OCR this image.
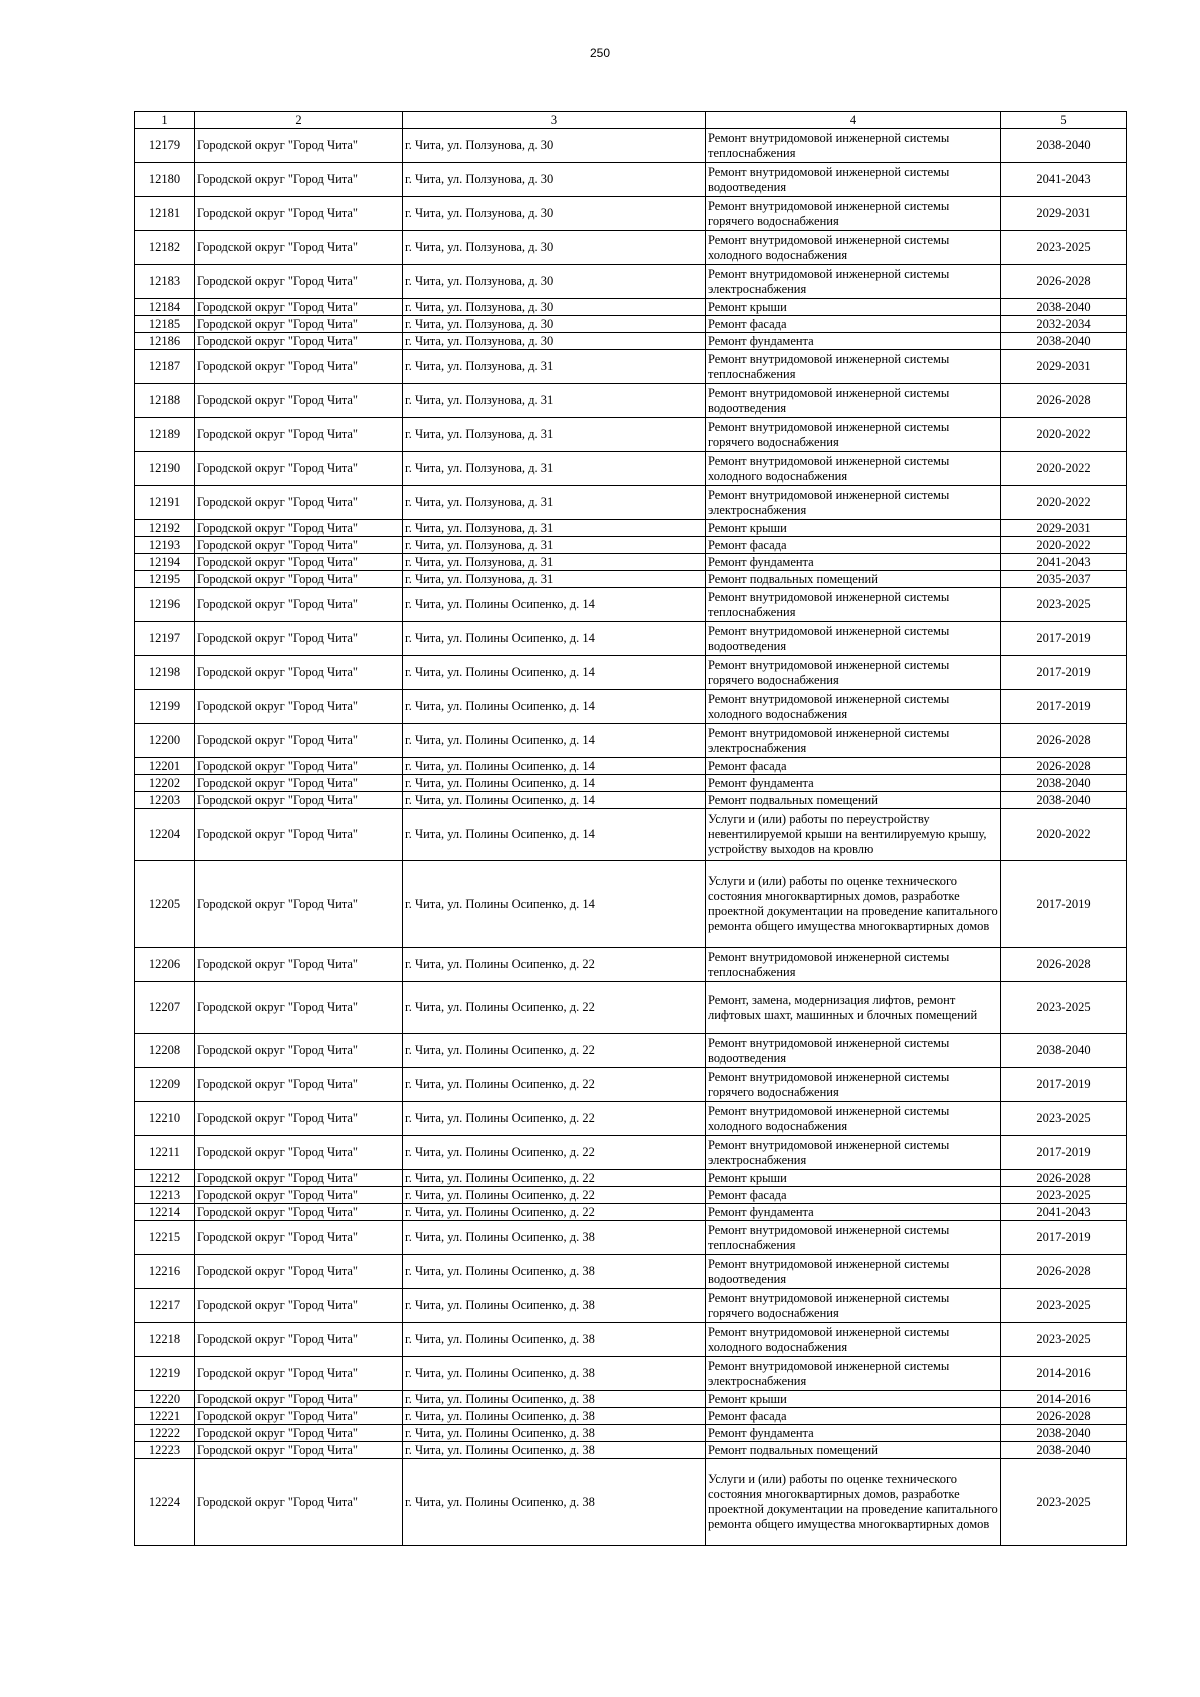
250
1	2	3	4	5
12179	Городской округ "Город Чита"	г. Чита, ул. Ползунова, д. 30	Ремонт внутридомовой инженерной системы теплоснабжения	2038-2040
12180	Городской округ "Город Чита"	г. Чита, ул. Ползунова, д. 30	Ремонт внутридомовой инженерной системы водоотведения	2041-2043
12181	Городской округ "Город Чита"	г. Чита, ул. Ползунова, д. 30	Ремонт внутридомовой инженерной системы горячего водоснабжения	2029-2031
12182	Городской округ "Город Чита"	г. Чита, ул. Ползунова, д. 30	Ремонт внутридомовой инженерной системы холодного водоснабжения	2023-2025
12183	Городской округ "Город Чита"	г. Чита, ул. Ползунова, д. 30	Ремонт внутридомовой инженерной системы электроснабжения	2026-2028
12184	Городской округ "Город Чита"	г. Чита, ул. Ползунова, д. 30	Ремонт крыши	2038-2040
12185	Городской округ "Город Чита"	г. Чита, ул. Ползунова, д. 30	Ремонт фасада	2032-2034
12186	Городской округ "Город Чита"	г. Чита, ул. Ползунова, д. 30	Ремонт фундамента	2038-2040
12187	Городской округ "Город Чита"	г. Чита, ул. Ползунова, д. 31	Ремонт внутридомовой инженерной системы теплоснабжения	2029-2031
12188	Городской округ "Город Чита"	г. Чита, ул. Ползунова, д. 31	Ремонт внутридомовой инженерной системы водоотведения	2026-2028
12189	Городской округ "Город Чита"	г. Чита, ул. Ползунова, д. 31	Ремонт внутридомовой инженерной системы горячего водоснабжения	2020-2022
12190	Городской округ "Город Чита"	г. Чита, ул. Ползунова, д. 31	Ремонт внутридомовой инженерной системы холодного водоснабжения	2020-2022
12191	Городской округ "Город Чита"	г. Чита, ул. Ползунова, д. 31	Ремонт внутридомовой инженерной системы электроснабжения	2020-2022
12192	Городской округ "Город Чита"	г. Чита, ул. Ползунова, д. 31	Ремонт крыши	2029-2031
12193	Городской округ "Город Чита"	г. Чита, ул. Ползунова, д. 31	Ремонт фасада	2020-2022
12194	Городской округ "Город Чита"	г. Чита, ул. Ползунова, д. 31	Ремонт фундамента	2041-2043
12195	Городской округ "Город Чита"	г. Чита, ул. Ползунова, д. 31	Ремонт подвальных помещений	2035-2037
12196	Городской округ "Город Чита"	г. Чита, ул. Полины Осипенко, д. 14	Ремонт внутридомовой инженерной системы теплоснабжения	2023-2025
12197	Городской округ "Город Чита"	г. Чита, ул. Полины Осипенко, д. 14	Ремонт внутридомовой инженерной системы водоотведения	2017-2019
12198	Городской округ "Город Чита"	г. Чита, ул. Полины Осипенко, д. 14	Ремонт внутридомовой инженерной системы горячего водоснабжения	2017-2019
12199	Городской округ "Город Чита"	г. Чита, ул. Полины Осипенко, д. 14	Ремонт внутридомовой инженерной системы холодного водоснабжения	2017-2019
12200	Городской округ "Город Чита"	г. Чита, ул. Полины Осипенко, д. 14	Ремонт внутридомовой инженерной системы электроснабжения	2026-2028
12201	Городской округ "Город Чита"	г. Чита, ул. Полины Осипенко, д. 14	Ремонт фасада	2026-2028
12202	Городской округ "Город Чита"	г. Чита, ул. Полины Осипенко, д. 14	Ремонт фундамента	2038-2040
12203	Городской округ "Город Чита"	г. Чита, ул. Полины Осипенко, д. 14	Ремонт подвальных помещений	2038-2040
12204	Городской округ "Город Чита"	г. Чита, ул. Полины Осипенко, д. 14	Услуги и (или) работы по переустройству невентилируемой крыши на вентилируемую крышу, устройству выходов на кровлю	2020-2022
12205	Городской округ "Город Чита"	г. Чита, ул. Полины Осипенко, д. 14	Услуги и (или) работы по оценке технического состояния многоквартирных домов, разработке проектной документации на проведение капитального ремонта общего имущества многоквартирных домов	2017-2019
12206	Городской округ "Город Чита"	г. Чита, ул. Полины Осипенко, д. 22	Ремонт внутридомовой инженерной системы теплоснабжения	2026-2028
12207	Городской округ "Город Чита"	г. Чита, ул. Полины Осипенко, д. 22	Ремонт, замена, модернизация лифтов, ремонт лифтовых шахт, машинных и блочных помещений	2023-2025
12208	Городской округ "Город Чита"	г. Чита, ул. Полины Осипенко, д. 22	Ремонт внутридомовой инженерной системы водоотведения	2038-2040
12209	Городской округ "Город Чита"	г. Чита, ул. Полины Осипенко, д. 22	Ремонт внутридомовой инженерной системы горячего водоснабжения	2017-2019
12210	Городской округ "Город Чита"	г. Чита, ул. Полины Осипенко, д. 22	Ремонт внутридомовой инженерной системы холодного водоснабжения	2023-2025
12211	Городской округ "Город Чита"	г. Чита, ул. Полины Осипенко, д. 22	Ремонт внутридомовой инженерной системы электроснабжения	2017-2019
12212	Городской округ "Город Чита"	г. Чита, ул. Полины Осипенко, д. 22	Ремонт крыши	2026-2028
12213	Городской округ "Город Чита"	г. Чита, ул. Полины Осипенко, д. 22	Ремонт фасада	2023-2025
12214	Городской округ "Город Чита"	г. Чита, ул. Полины Осипенко, д. 22	Ремонт фундамента	2041-2043
12215	Городской округ "Город Чита"	г. Чита, ул. Полины Осипенко, д. 38	Ремонт внутридомовой инженерной системы теплоснабжения	2017-2019
12216	Городской округ "Город Чита"	г. Чита, ул. Полины Осипенко, д. 38	Ремонт внутридомовой инженерной системы водоотведения	2026-2028
12217	Городской округ "Город Чита"	г. Чита, ул. Полины Осипенко, д. 38	Ремонт внутридомовой инженерной системы горячего водоснабжения	2023-2025
12218	Городской округ "Город Чита"	г. Чита, ул. Полины Осипенко, д. 38	Ремонт внутридомовой инженерной системы холодного водоснабжения	2023-2025
12219	Городской округ "Город Чита"	г. Чита, ул. Полины Осипенко, д. 38	Ремонт внутридомовой инженерной системы электроснабжения	2014-2016
12220	Городской округ "Город Чита"	г. Чита, ул. Полины Осипенко, д. 38	Ремонт крыши	2014-2016
12221	Городской округ "Город Чита"	г. Чита, ул. Полины Осипенко, д. 38	Ремонт фасада	2026-2028
12222	Городской округ "Город Чита"	г. Чита, ул. Полины Осипенко, д. 38	Ремонт фундамента	2038-2040
12223	Городской округ "Город Чита"	г. Чита, ул. Полины Осипенко, д. 38	Ремонт подвальных помещений	2038-2040
12224	Городской округ "Город Чита"	г. Чита, ул. Полины Осипенко, д. 38	Услуги и (или) работы по оценке технического состояния многоквартирных домов, разработке проектной документации на проведение капитального ремонта общего имущества многоквартирных домов	2023-2025
